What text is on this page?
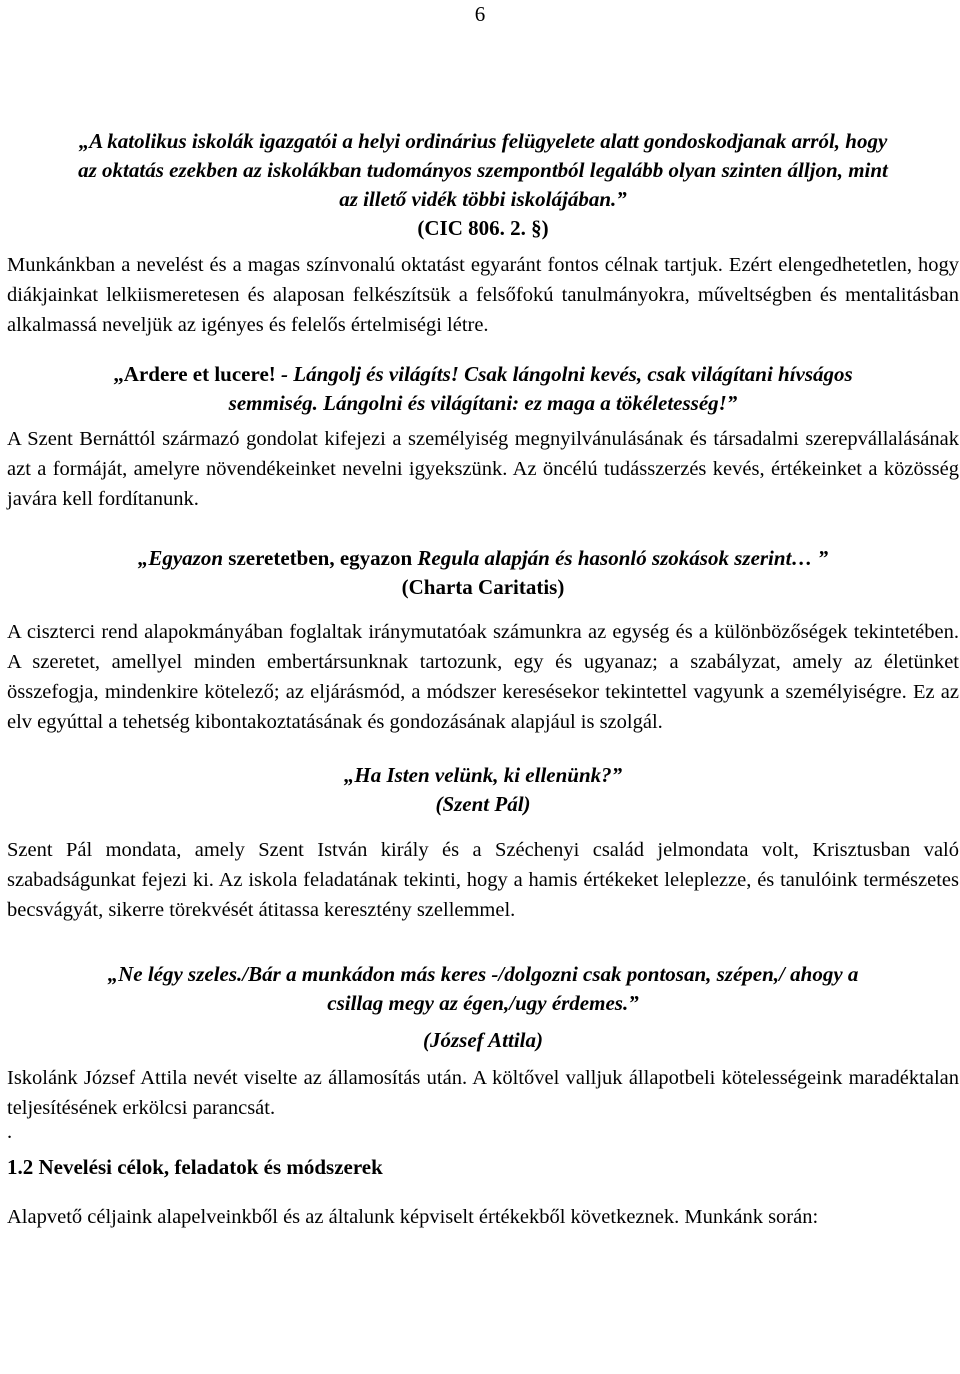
6
„A katolikus iskolák igazgatói a helyi ordinárius felügyelete alatt gondoskodjanak arról, hogy
az oktatás ezekben az iskolákban tudományos szempontból legalább olyan szinten álljon, mint
az illető vidék többi iskolájában.”
(CIC 806. 2. §)

Munkánkban a nevelést és a magas színvonalú oktatást egyaránt fontos célnak tartjuk. Ezért elengedhetetlen, hogy diákjainkat lelkiismeretesen és alaposan felkészítsük a felsőfokú tanulmányokra, műveltségben és mentalitásban alkalmassá neveljük az igényes és felelős értelmiségi létre.

„Ardere et lucere! - Lángolj és világíts! Csak lángolni kevés, csak világítani hívságos
semmiség. Lángolni és világítani: ez maga a tökéletesség!”

A Szent Bernáttól származó gondolat kifejezi a személyiség megnyilvánulásának és társadalmi szerepvállalásának azt a formáját, amelyre növendékeinket nevelni igyekszünk. Az öncélú tudásszerzés kevés, értékeinket a közösség javára kell fordítanunk.

„Egyazon szeretetben, egyazon Regula alapján és hasonló szokások szerint… ”
(Charta Caritatis)

A ciszterci rend alapokmányában foglaltak iránymutatóak számunkra az egység és a különbözőségek tekintetében. A szeretet, amellyel minden embertársunknak tartozunk, egy és ugyanaz; a szabályzat, amely az életünket összefogja, mindenkire kötelező; az eljárásmód, a módszer keresésekor tekintettel vagyunk a személyiségre. Ez az elv egyúttal a tehetség kibontakoztatásának és gondozásának alapjául is szolgál.

„Ha Isten velünk, ki ellenünk?”
(Szent Pál)

Szent Pál mondata, amely Szent István király és a Széchenyi család jelmondata volt, Krisztusban való szabadságunkat fejezi ki. Az iskola feladatának tekinti, hogy a hamis értékeket leleplezze, és tanulóink természetes becsvágyát, sikerre törekvését átitassa keresztény szellemmel.

„Ne légy szeles./Bár a munkádon más keres -/dolgozni csak pontosan, szépen,/ ahogy a
csillag megy az égen,/ugy érdemes.”
(József Attila)

Iskolánk József Attila nevét viselte az államosítás után. A költővel valljuk állapotbeli kötelességeink maradéktalan teljesítésének erkölcsi parancsát.

.

1.2 Nevelési célok, feladatok és módszerek

Alapvető céljaink alapelveinkből és az általunk képviselt értékekből következnek. Munkánk során:
